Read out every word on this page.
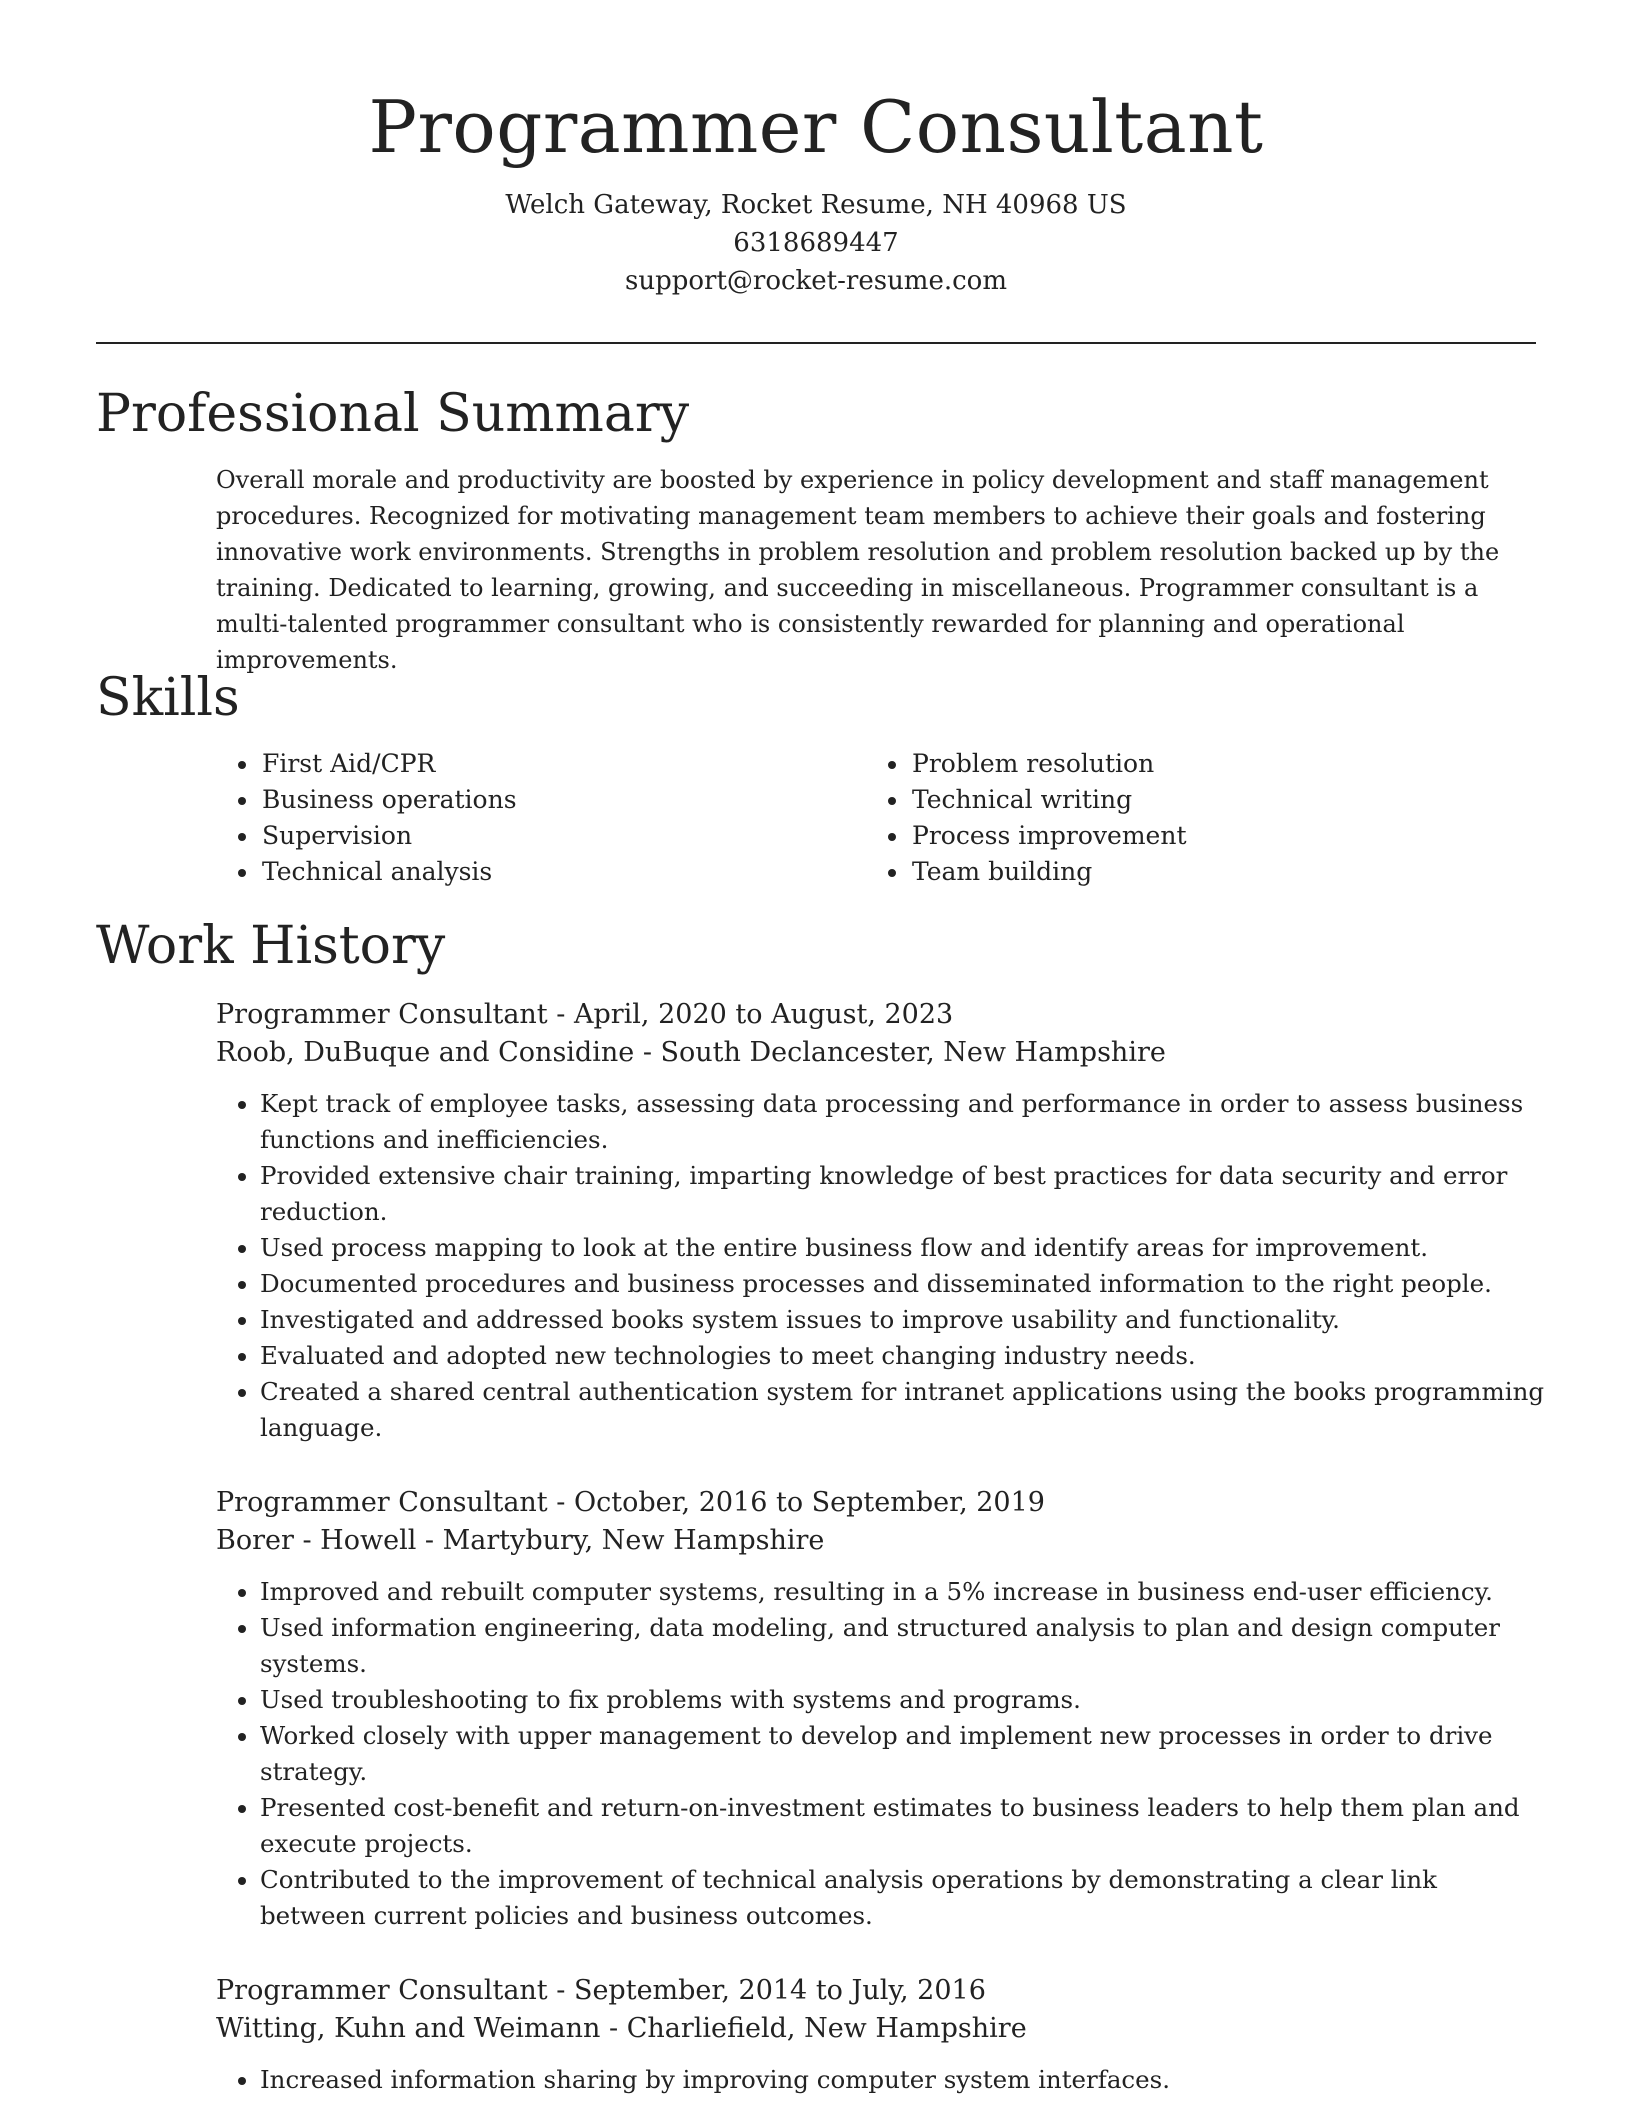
Programmer Consultant
Welch Gateway, Rocket Resume, NH 40968 US
6318689447
support@rocket-resume.com
Professional Summary

Overall morale and productivity are boosted by experience in policy development and staff management procedures. Recognized for motivating management team members to achieve their goals and fostering innovative work environments. Strengths in problem resolution and problem resolution backed up by the training. Dedicated to learning, growing, and succeeding in miscellaneous. Programmer consultant is a multi-talented programmer consultant who is consistently rewarded for planning and operational improvements.

Skills
• First Aid/CPR
• Business operations
• Supervision
• Technical analysis
• Problem resolution
• Technical writing
• Process improvement
• Team building
Work History

Programmer Consultant - April, 2020 to August, 2023

Roob, DuBuque and Considine - South Declancester, New Hampshire

• Kept track of employee tasks, assessing data processing and performance in order to assess business functions and inefficiencies.
• Provided extensive chair training, imparting knowledge of best practices for data security and error reduction.
• Used process mapping to look at the entire business flow and identify areas for improvement.
• Documented procedures and business processes and disseminated information to the right people.
• Investigated and addressed books system issues to improve usability and functionality.
• Evaluated and adopted new technologies to meet changing industry needs.
• Created a shared central authentication system for intranet applications using the books programming language.

Programmer Consultant - October, 2016 to September, 2019

Borer - Howell - Martybury, New Hampshire

• Improved and rebuilt computer systems, resulting in a 5% increase in business end-user efficiency.
• Used information engineering, data modeling, and structured analysis to plan and design computer systems.
• Used troubleshooting to fix problems with systems and programs.
• Worked closely with upper management to develop and implement new processes in order to drive strategy.
• Presented cost-benefit and return-on-investment estimates to business leaders to help them plan and execute projects.
• Contributed to the improvement of technical analysis operations by demonstrating a clear link between current policies and business outcomes.

Programmer Consultant - September, 2014 to July, 2016

Witting, Kuhn and Weimann - Charliefield, New Hampshire

• Increased information sharing by improving computer system interfaces.
